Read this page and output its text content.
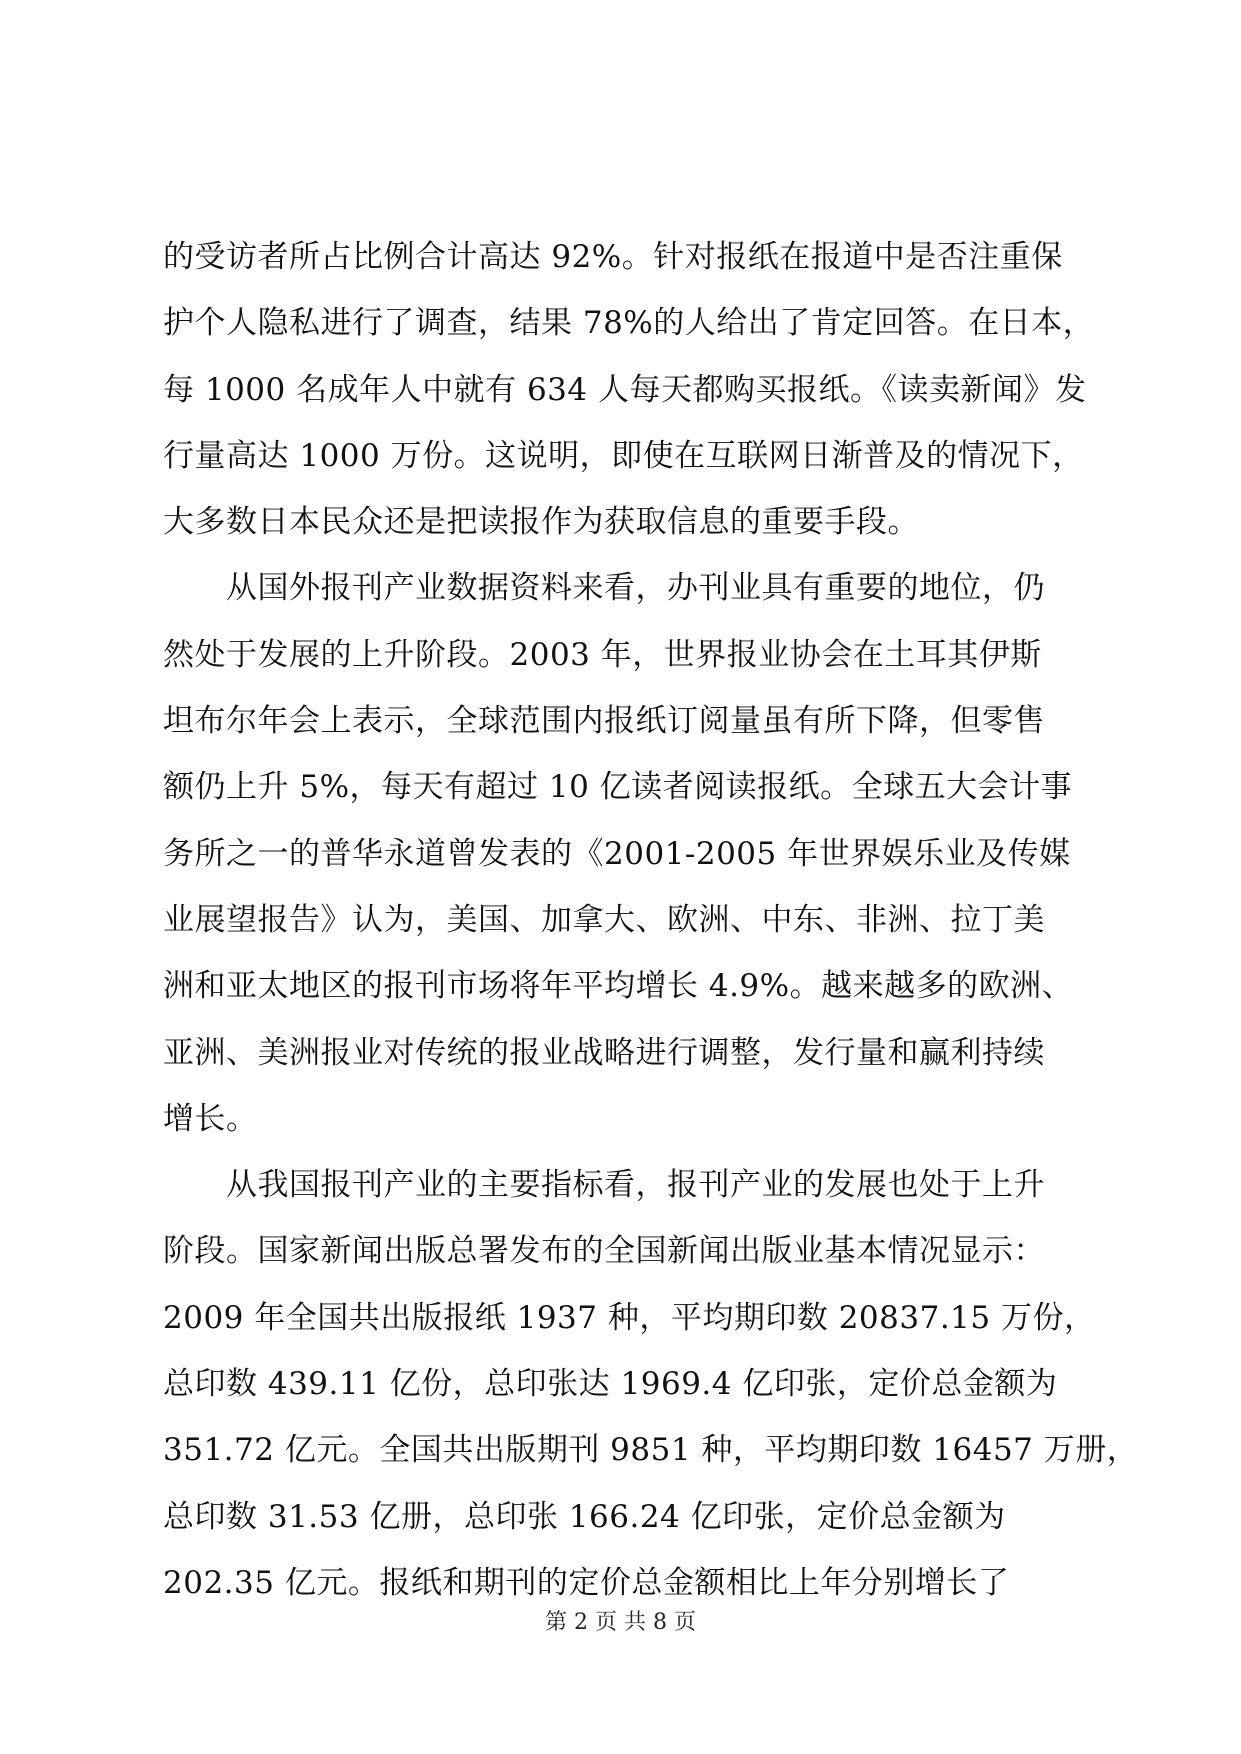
的受访者所占比例合计高达 92%。针对报纸在报道中是否注重保
护个人隐私进行了调查，结果 78%的人给出了肯定回答。在日本，
每 1000 名成年人中就有 634 人每天都购买报纸。《读卖新闻》发
行量高达 1000 万份。这说明，即使在互联网日渐普及的情况下，
大多数日本民众还是把读报作为获取信息的重要手段。
从国外报刊产业数据资料来看，办刊业具有重要的地位，仍
然处于发展的上升阶段。2003 年，世界报业协会在土耳其伊斯
坦布尔年会上表示，全球范围内报纸订阅量虽有所下降，但零售
额仍上升 5%，每天有超过 10 亿读者阅读报纸。全球五大会计事
务所之一的普华永道曾发表的《2001-2005 年世界娱乐业及传媒
业展望报告》认为，美国、加拿大、欧洲、中东、非洲、拉丁美
洲和亚太地区的报刊市场将年平均增长 4.9%。越来越多的欧洲、
亚洲、美洲报业对传统的报业战略进行调整，发行量和赢利持续
增长。
从我国报刊产业的主要指标看，报刊产业的发展也处于上升
阶段。国家新闻出版总署发布的全国新闻出版业基本情况显示：
2009 年全国共出版报纸 1937 种，平均期印数 20837.15 万份，
总印数 439.11 亿份，总印张达 1969.4 亿印张，定价总金额为
351.72 亿元。全国共出版期刊 9851 种，平均期印数 16457 万册，
总印数 31.53 亿册，总印张 166.24 亿印张，定价总金额为
202.35 亿元。报纸和期刊的定价总金额相比上年分别增长了
第 2 页 共 8 页
